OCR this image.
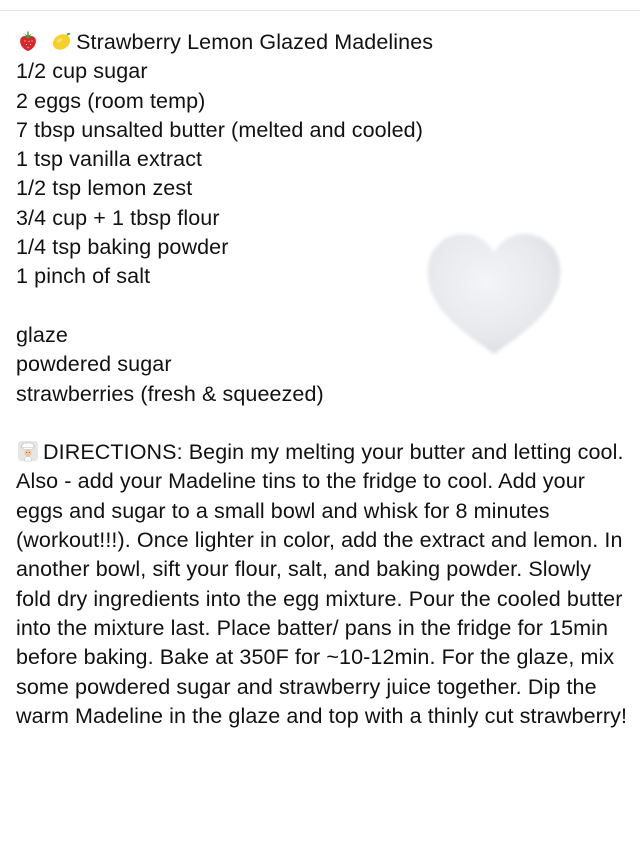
Strawberry Lemon Glazed Madelines
1/2 cup sugar
2 eggs (room temp)
7 tbsp unsalted butter (melted and cooled)
1 tsp vanilla extract
1/2 tsp lemon zest
3/4 cup + 1 tbsp flour
1/4 tsp baking powder
1 pinch of salt
glaze
powdered sugar
strawberries (fresh & squeezed)
DIRECTIONS: Begin my melting your butter and letting cool. Also - add your Madeline tins to the fridge to cool. Add your eggs and sugar to a small bowl and whisk for 8 minutes (workout!!!). Once lighter in color, add the extract and lemon. In another bowl, sift your flour, salt, and baking powder. Slowly fold dry ingredients into the egg mixture. Pour the cooled butter into the mixture last. Place batter/ pans in the fridge for 15min before baking. Bake at 350F for ~10-12min. For the glaze, mix some powdered sugar and strawberry juice together. Dip the warm Madeline in the glaze and top with a thinly cut strawberry!
